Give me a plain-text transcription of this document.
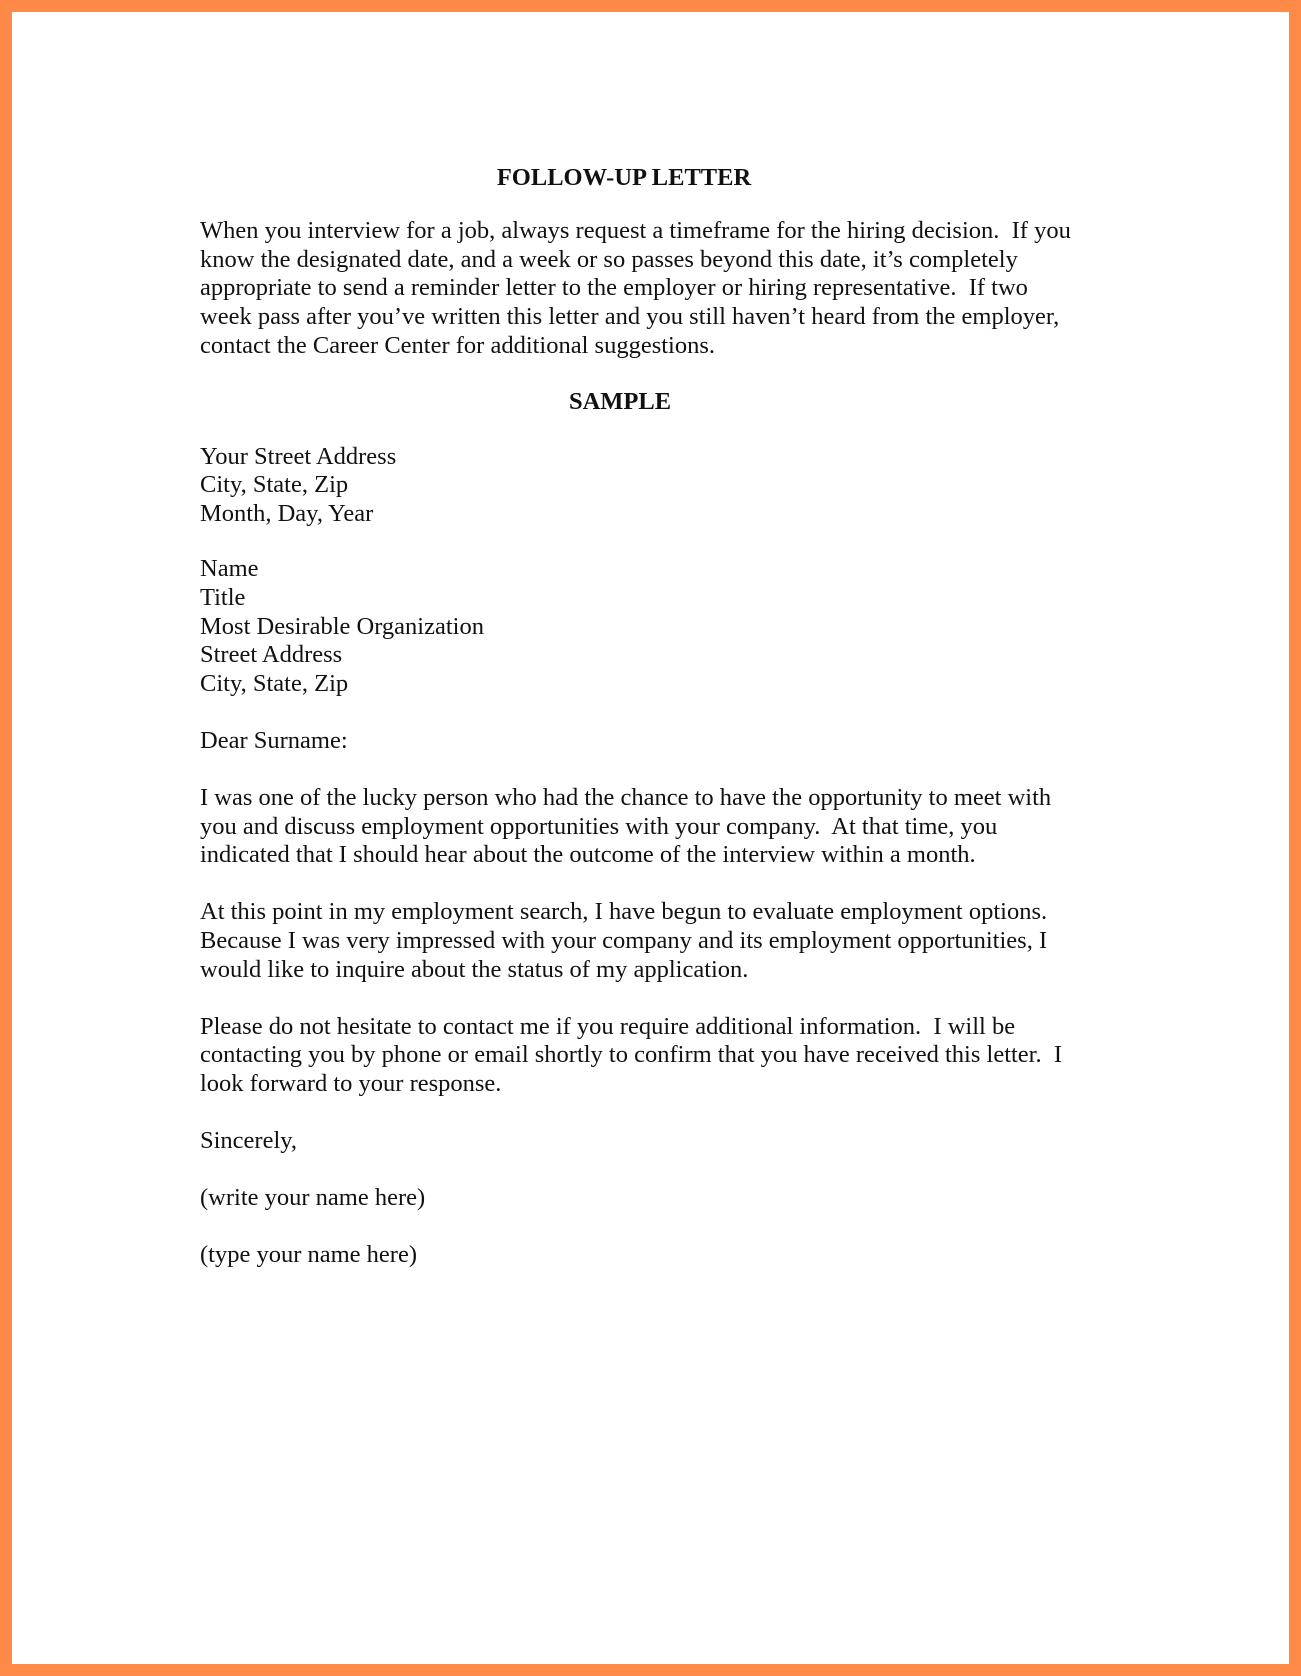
FOLLOW-UP LETTER
When you interview for a job, always request a timeframe for the hiring decision.  If you
know the designated date, and a week or so passes beyond this date, it’s completely
appropriate to send a reminder letter to the employer or hiring representative.  If two
week pass after you’ve written this letter and you still haven’t heard from the employer,
contact the Career Center for additional suggestions.
SAMPLE
Your Street Address
City, State, Zip
Month, Day, Year
Name
Title
Most Desirable Organization
Street Address
City, State, Zip
Dear Surname:
I was one of the lucky person who had the chance to have the opportunity to meet with
you and discuss employment opportunities with your company.  At that time, you
indicated that I should hear about the outcome of the interview within a month.
At this point in my employment search, I have begun to evaluate employment options.
Because I was very impressed with your company and its employment opportunities, I
would like to inquire about the status of my application.
Please do not hesitate to contact me if you require additional information.  I will be
contacting you by phone or email shortly to confirm that you have received this letter.  I
look forward to your response.
Sincerely,
(write your name here)
(type your name here)
